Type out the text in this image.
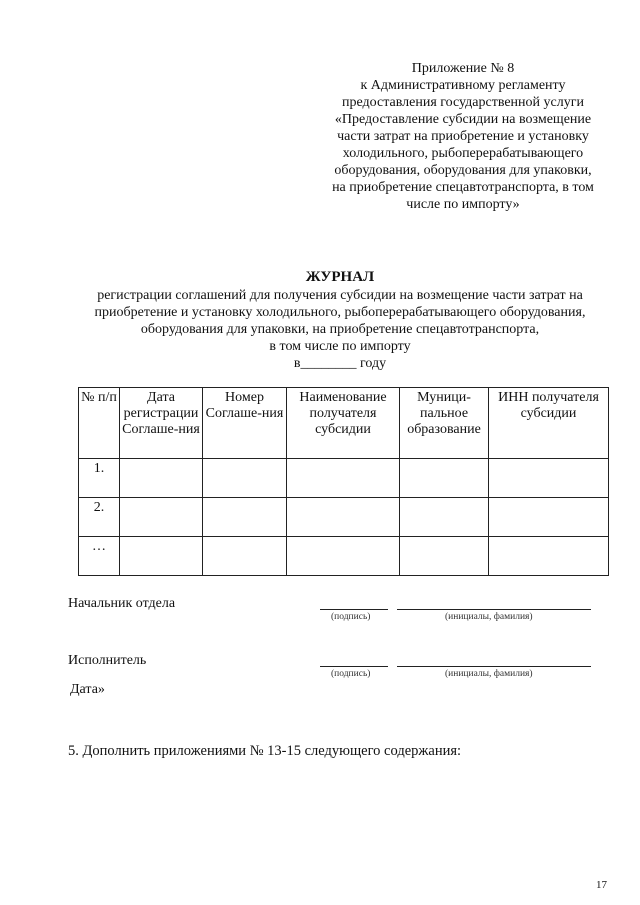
Приложение № 8
к Административному регламенту
предоставления государственной услуги
«Предоставление субсидии на возмещение
части затрат на приобретение и установку
холодильного, рыбоперерабатывающего
оборудования, оборудования для упаковки,
на приобретение спецавтотранспорта, в том
числе по импорту»
ЖУРНАЛ
регистрации соглашений для получения субсидии на возмещение части затрат на
приобретение и установку холодильного, рыбоперерабатывающего оборудования,
оборудования для упаковки, на приобретение спецавтотранспорта,
в том числе по импорту
в________ году
№ п/п	Дата регистрации Соглаше-ния	Номер Соглаше-ния	Наименование получателя субсидии	Муници-пальное образование	ИНН получателя субсидии
1.					
2.					
…					
Начальник отдела
(подпись)	(инициалы, фамилия)
Исполнитель
(подпись)	(инициалы, фамилия)
Дата»
5. Дополнить приложениями № 13-15 следующего содержания:
17
